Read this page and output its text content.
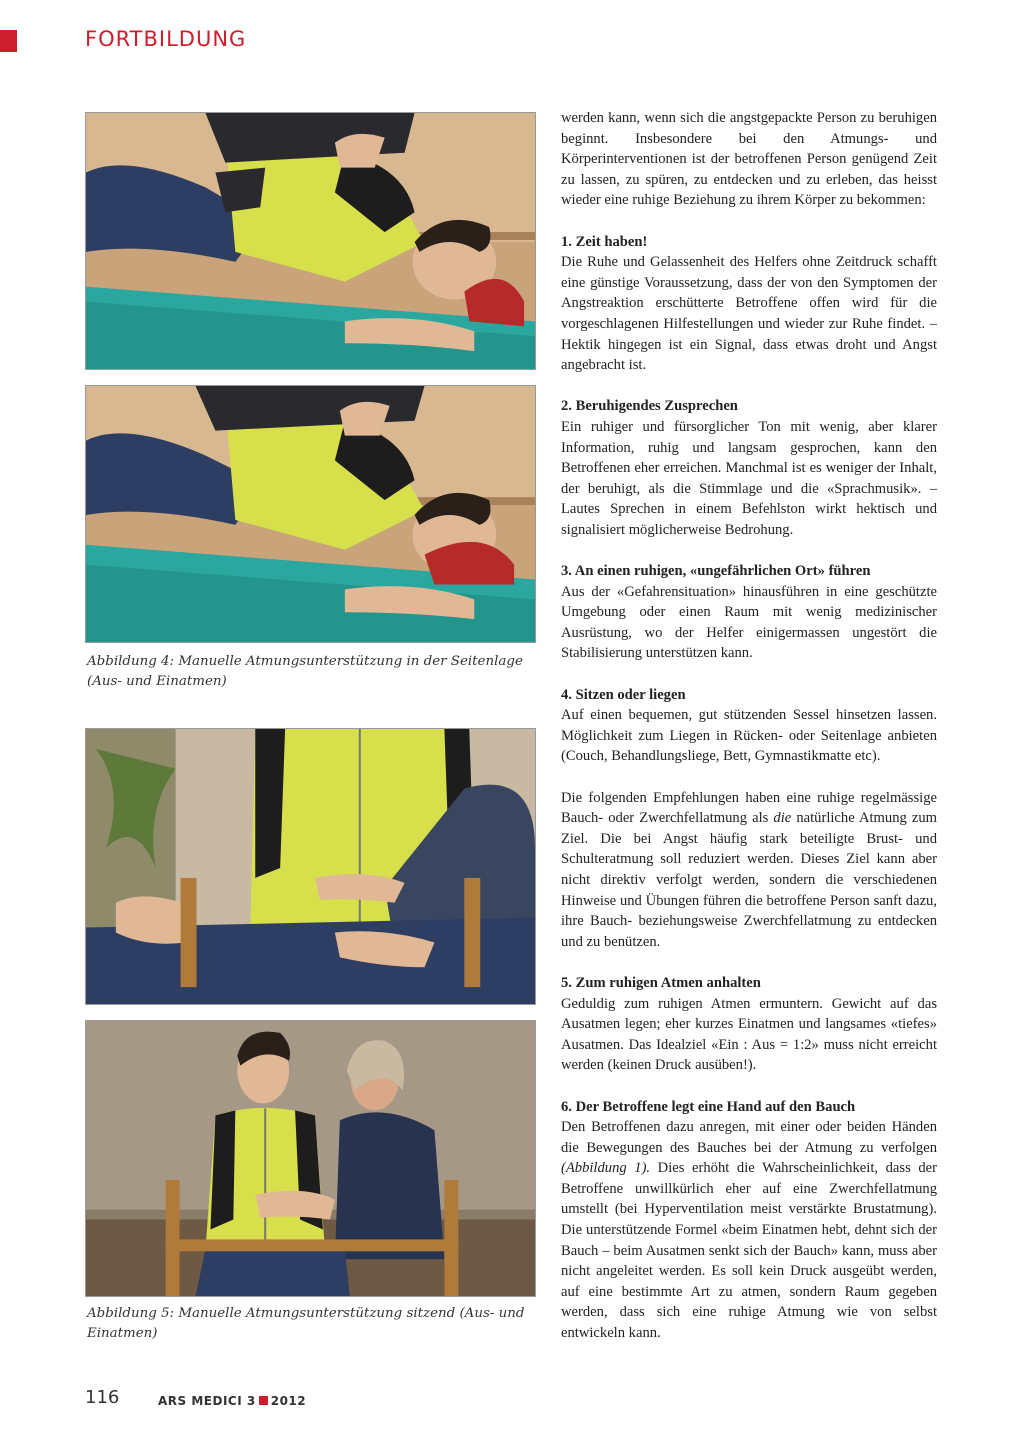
FORTBILDUNG
Abbildung 4: Manuelle Atmungsunterstützung in der Seitenlage (Aus- und Einatmen)
Abbildung 5: Manuelle Atmungsunterstützung sitzend (Aus- und Einatmen)

werden kann, wenn sich die angstgepackte Person zu beruhigen beginnt. Insbesondere bei den Atmungs- und Körperinterventionen ist der betroffenen Person genügend Zeit zu lassen, zu spüren, zu entdecken und zu erleben, das heisst wieder eine ruhige Beziehung zu ihrem Körper zu bekommen:

1. Zeit haben!

Die Ruhe und Gelassenheit des Helfers ohne Zeitdruck schafft eine günstige Voraussetzung, dass der von den Symptomen der Angstreaktion erschütterte Betroffene offen wird für die vorgeschlagenen Hilfestellungen und wieder zur Ruhe findet. – Hektik hingegen ist ein Signal, dass etwas droht und Angst angebracht ist.

2. Beruhigendes Zusprechen

Ein ruhiger und fürsorglicher Ton mit wenig, aber klarer Information, ruhig und langsam gesprochen, kann den Betroffenen eher erreichen. Manchmal ist es weniger der Inhalt, der beruhigt, als die Stimmlage und die «Sprachmusik». – Lautes Sprechen in einem Befehlston wirkt hektisch und signalisiert möglicherweise Bedrohung.

3. An einen ruhigen, «ungefährlichen Ort» führen

Aus der «Gefahrensituation» hinausführen in eine geschützte Umgebung oder einen Raum mit wenig medizinischer Ausrüstung, wo der Helfer einigermassen ungestört die Stabilisierung unterstützen kann.

4. Sitzen oder liegen

Auf einen bequemen, gut stützenden Sessel hinsetzen lassen. Möglichkeit zum Liegen in Rücken- oder Seitenlage anbieten (Couch, Behandlungsliege, Bett, Gymnastikmatte etc).

Die folgenden Empfehlungen haben eine ruhige regelmässige Bauch- oder Zwerchfellatmung als die natürliche Atmung zum Ziel. Die bei Angst häufig stark beteiligte Brust- und Schulteratmung soll reduziert werden. Dieses Ziel kann aber nicht direktiv verfolgt werden, sondern die verschiedenen Hinweise und Übungen führen die betroffene Person sanft dazu, ihre Bauch- beziehungsweise Zwerchfellatmung zu entdecken und zu benützen.

5. Zum ruhigen Atmen anhalten

Geduldig zum ruhigen Atmen ermuntern. Gewicht auf das Ausatmen legen; eher kurzes Einatmen und langsames «tiefes» Ausatmen. Das Idealziel «Ein : Aus = 1:2» muss nicht erreicht werden (keinen Druck ausüben!).

6. Der Betroffene legt eine Hand auf den Bauch

Den Betroffenen dazu anregen, mit einer oder beiden Händen die Bewegungen des Bauches bei der Atmung zu verfolgen (Abbildung 1). Dies erhöht die Wahrscheinlichkeit, dass der Betroffene unwillkürlich eher auf eine Zwerchfellatmung umstellt (bei Hyperventilation meist verstärkte Brustatmung). Die unterstützende Formel «beim Einatmen hebt, dehnt sich der Bauch – beim Ausatmen senkt sich der Bauch» kann, muss aber nicht angeleitet werden. Es soll kein Druck ausgeübt werden, auf eine bestimmte Art zu atmen, sondern Raum gegeben werden, dass sich eine ruhige Atmung wie von selbst entwickeln kann.

116	ARS MEDICI 3 2012
